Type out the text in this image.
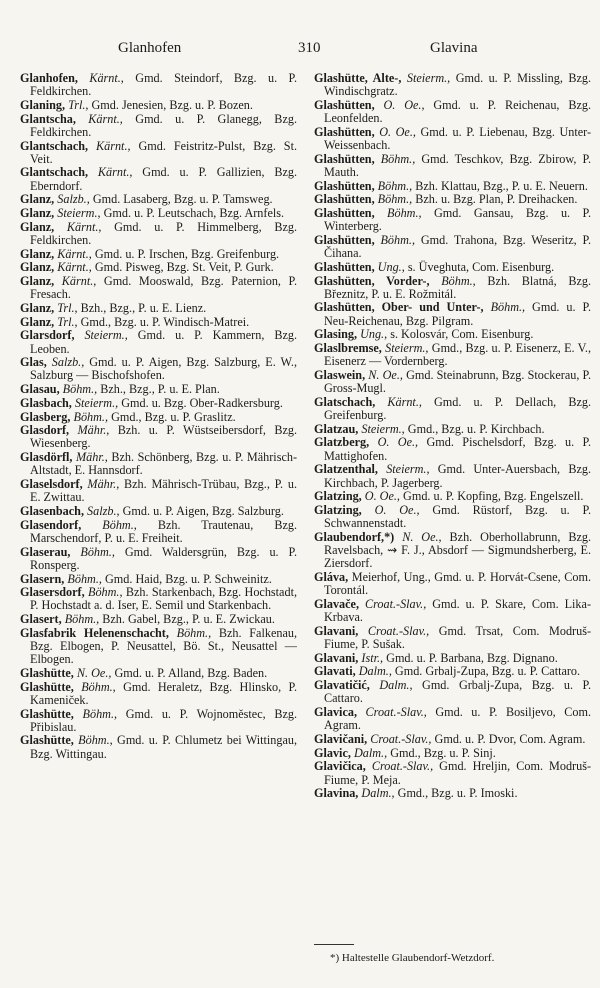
Glanhofen	310	Glavina
Glanhofen, Kärnt., Gmd. Steindorf, Bzg. u. P. Feldkirchen.
Glaning, Trl., Gmd. Jenesien, Bzg. u. P. Bozen.
Glantscha, Kärnt., Gmd. u. P. Glanegg, Bzg. Feldkirchen.
Glantschach, Kärnt., Gmd. Feistritz-Pulst, Bzg. St. Veit.
Glantschach, Kärnt., Gmd. u. P. Gallizien, Bzg. Eberndorf.
Glanz, Salzb., Gmd. Lasaberg, Bzg. u. P. Tamsweg.
Glanz, Steierm., Gmd. u. P. Leutschach, Bzg. Arnfels.
Glanz, Kärnt., Gmd. u. P. Himmelberg, Bzg. Feldkirchen.
Glanz, Kärnt., Gmd. u. P. Irschen, Bzg. Greifenburg.
Glanz, Kärnt., Gmd. Pisweg, Bzg. St. Veit, P. Gurk.
Glanz, Kärnt., Gmd. Mooswald, Bzg. Paternion, P. Fresach.
Glanz, Trl., Bzh., Bzg., P. u. E. Lienz.
Glanz, Trl., Gmd., Bzg. u. P. Windisch-Matrei.
Glarsdorf, Steierm., Gmd. u. P. Kammern, Bzg. Leoben.
Glas, Salzb., Gmd. u. P. Aigen, Bzg. Salzburg, E. W., Salzburg — Bischofshofen.
Glasau, Böhm., Bzh., Bzg., P. u. E. Plan.
Glasbach, Steierm., Gmd. u. Bzg. Ober-Radkersburg.
Glasberg, Böhm., Gmd., Bzg. u. P. Graslitz.
Glasdorf, Mähr., Bzh. u. P. Wüstseibersdorf, Bzg. Wiesenberg.
Glasdörfl, Mähr., Bzh. Schönberg, Bzg. u. P. Mährisch-Altstadt, E. Hannsdorf.
Glaselsdorf, Mähr., Bzh. Mährisch-Trübau, Bzg., P. u. E. Zwittau.
Glasenbach, Salzb., Gmd. u. P. Aigen, Bzg. Salzburg.
Glasendorf, Böhm., Bzh. Trautenau, Bzg. Marschendorf, P. u. E. Freiheit.
Glaserau, Böhm., Gmd. Waldersgrün, Bzg. u. P. Ronsperg.
Glasern, Böhm., Gmd. Haid, Bzg. u. P. Schweinitz.
Glasersdorf, Böhm., Bzh. Starkenbach, Bzg. Hochstadt, P. Hochstadt a. d. Iser, E. Semil und Starkenbach.
Glasert, Böhm., Bzh. Gabel, Bzg., P. u. E. Zwickau.
Glasfabrik Helenenschacht, Böhm., Bzh. Falkenau, Bzg. Elbogen, P. Neusattel, Bö. St., Neusattel — Elbogen.
Glashütte, N. Oe., Gmd. u. P. Alland, Bzg. Baden.
Glashütte, Böhm., Gmd. Heraletz, Bzg. Hlinsko, P. Kameniček.
Glashütte, Böhm., Gmd. u. P. Wojnoměstec, Bzg. Přibislau.
Glashütte, Böhm., Gmd. u. P. Chlumetz bei Wittingau, Bzg. Wittingau.
Glashütte, Alte-, Steierm., Gmd. u. P. Missling, Bzg. Windischgratz.
Glashütten, O. Oe., Gmd. u. P. Reichenau, Bzg. Leonfelden.
Glashütten, O. Oe., Gmd. u. P. Liebenau, Bzg. Unter-Weissenbach.
Glashütten, Böhm., Gmd. Teschkov, Bzg. Zbirow, P. Mauth.
Glashütten, Böhm., Bzh. Klattau, Bzg., P. u. E. Neuern.
Glashütten, Böhm., Bzh. u. Bzg. Plan, P. Dreihacken.
Glashütten, Böhm., Gmd. Gansau, Bzg. u. P. Winterberg.
Glashütten, Böhm., Gmd. Trahona, Bzg. Weseritz, P. Čihana.
Glashütten, Ung., s. Üveghuta, Com. Eisenburg.
Glashütten, Vorder-, Böhm., Bzh. Blatná, Bzg. Březnitz, P. u. E. Rožmitál.
Glashütten, Ober- und Unter-, Böhm., Gmd. u. P. Neu-Reichenau, Bzg. Pilgram.
Glasing, Ung., s. Kolosvár, Com. Eisenburg.
Glaslbremse, Steierm., Gmd., Bzg. u. P. Eisenerz, E. V., Eisenerz — Vordernberg.
Glaswein, N. Oe., Gmd. Steinabrunn, Bzg. Stockerau, P. Gross-Mugl.
Glatschach, Kärnt., Gmd. u. P. Dellach, Bzg. Greifenburg.
Glatzau, Steierm., Gmd., Bzg. u. P. Kirchbach.
Glatzberg, O. Oe., Gmd. Pischelsdorf, Bzg. u. P. Mattighofen.
Glatzenthal, Steierm., Gmd. Unter-Auersbach, Bzg. Kirchbach, P. Jagerberg.
Glatzing, O. Oe., Gmd. u. P. Kopfing, Bzg. Engelszell.
Glatzing, O. Oe., Gmd. Rüstorf, Bzg. u. P. Schwannenstadt.
Glaubendorf,*) N. Oe., Bzh. Oberhollabrunn, Bzg. Ravelsbach, ⇝ F. J., Absdorf — Sigmundsherberg, E. Ziersdorf.
Gláva, Meierhof, Ung., Gmd. u. P. Horvát-Csene, Com. Torontál.
Glavače, Croat.-Slav., Gmd. u. P. Skare, Com. Lika-Krbava.
Glavani, Croat.-Slav., Gmd. Trsat, Com. Modruš-Fiume, P. Sušak.
Glavani, Istr., Gmd. u. P. Barbana, Bzg. Dignano.
Glavati, Dalm., Gmd. Grbalj-Zupa, Bzg. u. P. Cattaro.
Glavatičić, Dalm., Gmd. Grbalj-Zupa, Bzg. u. P. Cattaro.
Glavica, Croat.-Slav., Gmd. u. P. Bosiljevo, Com. Agram.
Glavičani, Croat.-Slav., Gmd. u. P. Dvor, Com. Agram.
Glavic, Dalm., Gmd., Bzg. u. P. Sinj.
Glavičica, Croat.-Slav., Gmd. Hreljin, Com. Modruš-Fiume, P. Meja.
Glavina, Dalm., Gmd., Bzg. u. P. Imoski.
*) Haltestelle Glaubendorf-Wetzdorf.
